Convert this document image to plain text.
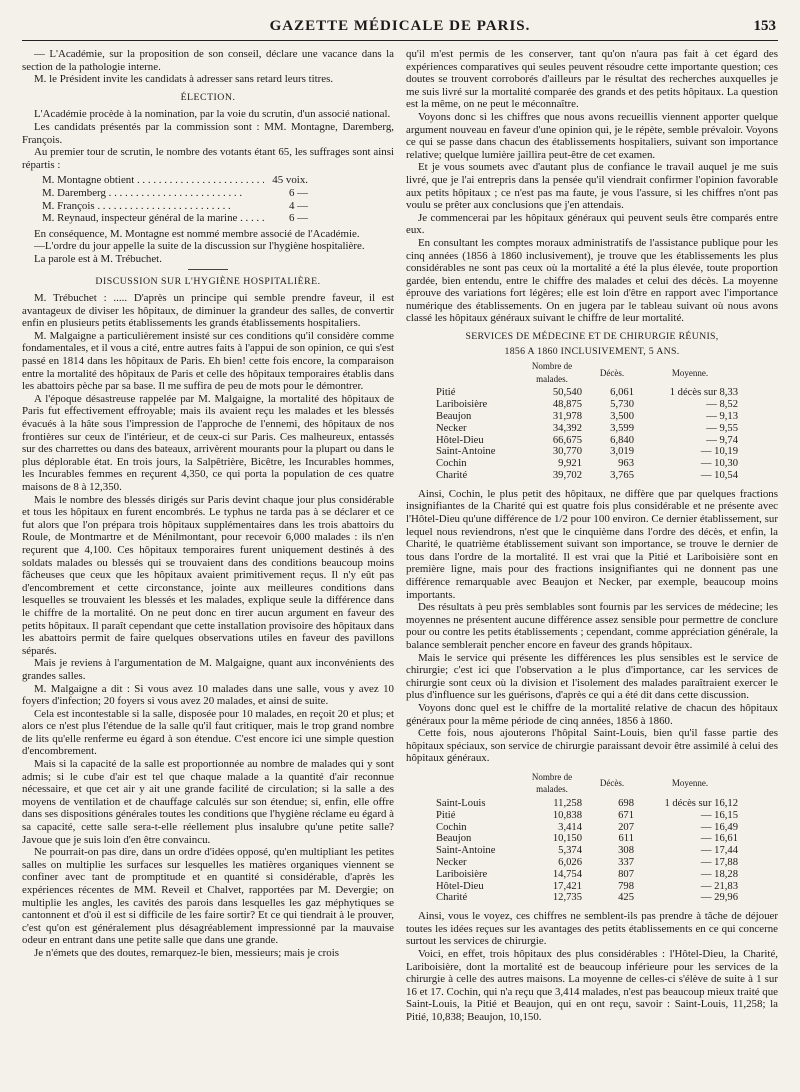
GAZETTE MÉDICALE DE PARIS.	153

— L'Académie, sur la proposition de son conseil, déclare une vacance dans la section de la pathologie interne.

M. le Président invite les candidats à adresser sans retard leurs titres.

ÉLECTION.

L'Académie procède à la nomination, par la voie du scrutin, d'un associé national.

Les candidats présentés par la commission sont : MM. Montagne, Daremberg, François.

Au premier tour de scrutin, le nombre des votants étant 65, les suffrages sont ainsi répartis :

M. Montagne obtient . . .	45 voix.
M. Daremberg . . .	6 —
M. François . . .	4 —
M. Reynaud, inspecteur général de la marine . . .	6 —

En conséquence, M. Montagne est nommé membre associé de l'Académie.

—L'ordre du jour appelle la suite de la discussion sur l'hygiène hospitalière.

La parole est à M. Trébuchet.

DISCUSSION SUR L'HYGIÈNE HOSPITALIÈRE.

M. Trébuchet : ..... D'après un principe qui semble prendre faveur, il est avantageux de diviser les hôpitaux, de diminuer la grandeur des salles, de convertir enfin en plusieurs petits établissements les grands établissements hospitaliers.

M. Malgaigne a particulièrement insisté sur ces conditions qu'il considère comme fondamentales, et il vous a cité, entre autres faits à l'appui de son opinion, ce qui s'est passé en 1814 dans les hôpitaux de Paris. Eh bien! cette fois encore, la comparaison entre la mortalité des hôpitaux de Paris et celle des hôpitaux temporaires établis dans les abattoirs pèche par sa base. Il me suffira de peu de mots pour le démontrer.

A l'époque désastreuse rappelée par M. Malgaigne, la mortalité des hôpitaux de Paris fut effectivement effroyable; mais ils avaient reçu les malades et les blessés évacués à la hâte sous l'impression de l'approche de l'ennemi, des hôpitaux de nos frontières sur ceux de l'intérieur, et de ceux-ci sur Paris. Ces malheureux, entassés sur des charrettes ou dans des bateaux, arrivèrent mourants pour la plupart ou dans le plus déplorable état. En trois jours, la Salpêtrière, Bicêtre, les Incurables hommes, les Incurables femmes en reçurent 4,350, ce qui porta la population de ces quatre maisons de 8 à 12,350.

Mais le nombre des blessés dirigés sur Paris devint chaque jour plus considérable et tous les hôpitaux en furent encombrés. Le typhus ne tarda pas à se déclarer et ce fut alors que l'on prépara trois hôpitaux supplémentaires dans les trois abattoirs du Roule, de Montmartre et de Ménilmontant, pour recevoir 6,000 malades : ils n'en reçurent que 4,100. Ces hôpitaux temporaires furent uniquement destinés à des soldats malades ou blessés qui se trouvaient dans des conditions beaucoup moins fâcheuses que ceux que les hôpitaux avaient primitivement reçus. Il n'y eût pas d'encombrement et cette circonstance, jointe aux meilleures conditions dans lesquelles se trouvaient les blessés et les malades, explique seule la différence dans le chiffre de la mortalité. On ne peut donc en tirer aucun argument en faveur des petits hôpitaux. Il paraît cependant que cette installation provisoire des hôpitaux dans les abattoirs permit de faire quelques observations utiles en faveur des pavillons séparés.

Mais je reviens à l'argumentation de M. Malgaigne, quant aux inconvénients des grandes salles.

M. Malgaigne a dit : Si vous avez 10 malades dans une salle, vous y avez 10 foyers d'infection; 20 foyers si vous avez 20 malades, et ainsi de suite.

Cela est incontestable si la salle, disposée pour 10 malades, en reçoit 20 et plus; et alors ce n'est plus l'étendue de la salle qu'il faut critiquer, mais le trop grand nombre de lits qu'elle renferme eu égard à son étendue. C'est encore ici une simple question d'encombrement.

Mais si la capacité de la salle est proportionnée au nombre de malades qui y sont admis; si le cube d'air est tel que chaque malade a la quantité d'air reconnue nécessaire, et que cet air y ait une grande facilité de circulation; si la salle a des moyens de ventilation et de chauffage calculés sur son étendue; si, enfin, elle offre dans ses dispositions générales toutes les conditions que l'hygiène réclame eu égard à sa capacité, cette salle sera-t-elle réellement plus insalubre qu'une petite salle? Javoue que je suis loin d'en être convaincu.

Ne pourrait-on pas dire, dans un ordre d'idées opposé, qu'en multipliant les petites salles on multiplie les surfaces sur lesquelles les matières organiques viennent se confiner avec tant de promptitude et en quantité si considérable, d'après les expériences récentes de MM. Reveil et Chalvet, rapportées par M. Devergie; on multiplie les angles, les cavités des parois dans lesquelles les gaz méphytiques se cantonnent et d'où il est si difficile de les faire sortir? Et ce qui tiendrait à le prouver, c'est qu'on est généralement plus désagréablement impressionné par la mauvaise odeur en entrant dans une petite salle que dans une grande.

Je n'émets que des doutes, remarquez-le bien, messieurs; mais je crois

qu'il m'est permis de les conserver, tant qu'on n'aura pas fait à cet égard des expériences comparatives qui seules peuvent résoudre cette importante question; ces doutes se trouvent corroborés d'ailleurs par le résultat des recherches auxquelles je me suis livré sur la mortalité comparée des grands et des petits hôpitaux. La question est la même, on ne peut le méconnaître.

Voyons donc si les chiffres que nous avons recueillis viennent apporter quelque argument nouveau en faveur d'une opinion qui, je le répète, semble prévaloir. Voyons ce qui se passe dans chacun des établissements hospitaliers, suivant son importance relative; quelque lumière jaillira peut-être de cet examen.

Et je vous soumets avec d'autant plus de confiance le travail auquel je me suis livré, que je l'ai entrepris dans la pensée qu'il viendrait confirmer l'opinion favorable aux petits hôpitaux ; ce n'est pas ma faute, je vous l'assure, si les chiffres n'ont pas voulu se prêter aux conclusions que j'en attendais.

Je commencerai par les hôpitaux généraux qui peuvent seuls être comparés entre eux.

En consultant les comptes moraux administratifs de l'assistance publique pour les cinq années (1856 à 1860 inclusivement), je trouve que les établissements les plus considérables ne sont pas ceux où la mortalité a été la plus élevée, toute proportion gardée, bien entendu, entre le chiffre des malades et celui des décès. La moyenne éprouve des variations fort légères; elle est loin d'être en rapport avec l'importance numérique des établissements. On en jugera par le tableau suivant où nous avons classé les hôpitaux généraux suivant le chiffre de leur mortalité.

SERVICES DE MÉDECINE ET DE CHIRURGIE RÉUNIS,
1856 A 1860 INCLUSIVEMENT, 5 ANS.
	Nombre de malades.	Décès.	Moyenne.
Pitié	50,540	6,061	1 décès sur 8,33
Lariboisière	48,875	5,730	— 8,52
Beaujon	31,978	3,500	— 9,13
Necker	34,392	3,599	— 9,55
Hôtel-Dieu	66,675	6,840	— 9,74
Saint-Antoine	30,770	3,019	— 10,19
Cochin	9,921	963	— 10,30
Charité	39,702	3,765	— 10,54

Ainsi, Cochin, le plus petit des hôpitaux, ne diffère que par quelques fractions insignifiantes de la Charité qui est quatre fois plus considérable et ne présente avec l'Hôtel-Dieu qu'une différence de 1/2 pour 100 environ. Ce dernier établissement, sur lequel nous reviendrons, n'est que le cinquième dans l'ordre des décès, et enfin, la Charité, le quatrième établissement suivant son importance, se trouve le dernier de tous dans l'ordre de la mortalité. Il est vrai que la Pitié et Lariboisière sont en première ligne, mais pour des fractions insignifiantes qui ne donnent pas une différence remarquable avec Beaujon et Necker, par exemple, beaucoup moins importants.

Des résultats à peu près semblables sont fournis par les services de médecine; les moyennes ne présentent aucune différence assez sensible pour permettre de conclure pour ou contre les petits établissements ; cependant, comme appréciation générale, la balance semblerait pencher encore en faveur des grands hôpitaux.

Mais le service qui présente les différences les plus sensibles est le service de chirurgie; c'est ici que l'observation a le plus d'importance, car les services de chirurgie sont ceux où la division et l'isolement des malades paraîtraient exercer le plus d'influence sur les guérisons, d'après ce qui a été dit dans cette discussion.

Voyons donc quel est le chiffre de la mortalité relative de chacun des hôpitaux généraux pour la même période de cinq années, 1856 à 1860.

Cette fois, nous ajouterons l'hôpital Saint-Louis, bien qu'il fasse partie des hôpitaux spéciaux, son service de chirurgie paraissant devoir être assimilé à celui des hôpitaux généraux.

	Nombre de malades.	Décès.	Moyenne.
Saint-Louis	11,258	698	1 décès sur 16,12
Pitié	10,838	671	— 16,15
Cochin	3,414	207	— 16,49
Beaujon	10,150	611	— 16,61
Saint-Antoine	5,374	308	— 17,44
Necker	6,026	337	— 17,88
Lariboisière	14,754	807	— 18,28
Hôtel-Dieu	17,421	798	— 21,83
Charité	12,735	425	— 29,96

Ainsi, vous le voyez, ces chiffres ne semblent-ils pas prendre à tâche de déjouer toutes les idées reçues sur les avantages des petits établissements en ce qui concerne surtout les services de chirurgie.

Voici, en effet, trois hôpitaux des plus considérables : l'Hôtel-Dieu, la Charité, Lariboisière, dont la mortalité est de beaucoup inférieure pour les services de la chirurgie à celle des autres maisons. La moyenne de celles-ci s'élève de suite à 1 sur 16 et 17. Cochin, qui n'a reçu que 3,414 malades, n'est pas beaucoup mieux traité que Saint-Louis, la Pitié et Beaujon, qui en ont reçu, savoir : Saint-Louis, 11,258; la Pitié, 10,838; Beaujon, 10,150.
